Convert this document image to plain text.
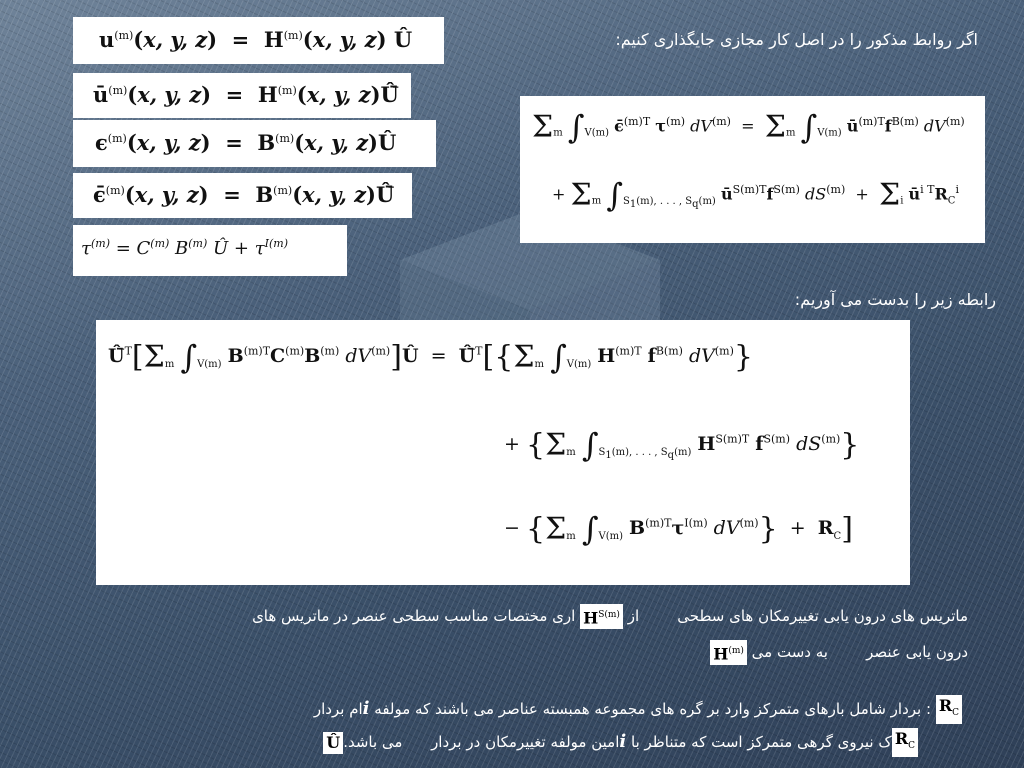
$u^{(m)}(x$, y, $z) = H^{(m)}(x$, y, z) Û
$ū^{(m)}(x$, y, $z) = H^{(m)}(x$, y, z)Û̄
$\epsilon^{(m)}(x$, y, $z) = B^{(m)}(x$, y, z)Û
ϵ̄$^{(m)}$(x, y, $z) = B^{(m)}(x$, y, z)Û̄
$\tau^{(m)} = C^{(m)}$ $B^{(m)}$ Û + $\tau^{I(m)}$
اگر روابط مذکور را در اصل کار مجازی جایگذاری کنیم:
$\Sigma_m$ $\int_{V(m)}$ ϵ̄$^{(m)T}$ $\tau^{(m)}$ $dV^{(m)} = \Sigma_m$ $\int_{V(m)}$ $ū^{(m)T}f^{B(m)}$ $dV^{(m)}$
+ $\Sigma_m$ $\int_{S_1(m), . . . , S_q(m)}$ $ū^{S(m)T}f^{S(m)}$ $dS^{(m)} + \Sigma_i$ $ū^{i T}R_C^i$
رابطه زیر را بدست می آوریم:
$Û̄^T[\Sigma_m$ $\int_{V(m)}$ $B^{(m)T}C^{(m)}B^{(m)}$ $dV^{(m)}]Û$  =  $Û̄^T[\{\Sigma_m$ $\int_{V(m)}$ $H^{(m)T}$ $f^{B(m)}$ $dV^{(m)}$}
+ {$\Sigma_m$ $\int_{S_1(m), . . . , S_q(m)}$ $H^{S(m)T}$ $f^{S(m)}$ $dS^{(m)}$}
− {$\Sigma_m$ $\int_{V(m)}$ $B^{(m)T}\tau^{I(m)}$ $dV^{(m)}\} + R_C$]
ماتریس های درون یابی تغییرمکان های سطحی        از $H^{S(m)}$ ارى مختصات مناسب سطحی عنصر در ماتریس های
درون یابی عنصر        به دست می $H^{(m)}$
$R_C$ : بردار شامل بارهای متمرکز وارد بر گره های مجموعه همبسته عناصر می باشند که مولفه iام بردار
$R_Cک$ نیروی گرهی متمرکز است که متناظر با iامین مولفه تغییرمکان در بردار      می باشد.Û
